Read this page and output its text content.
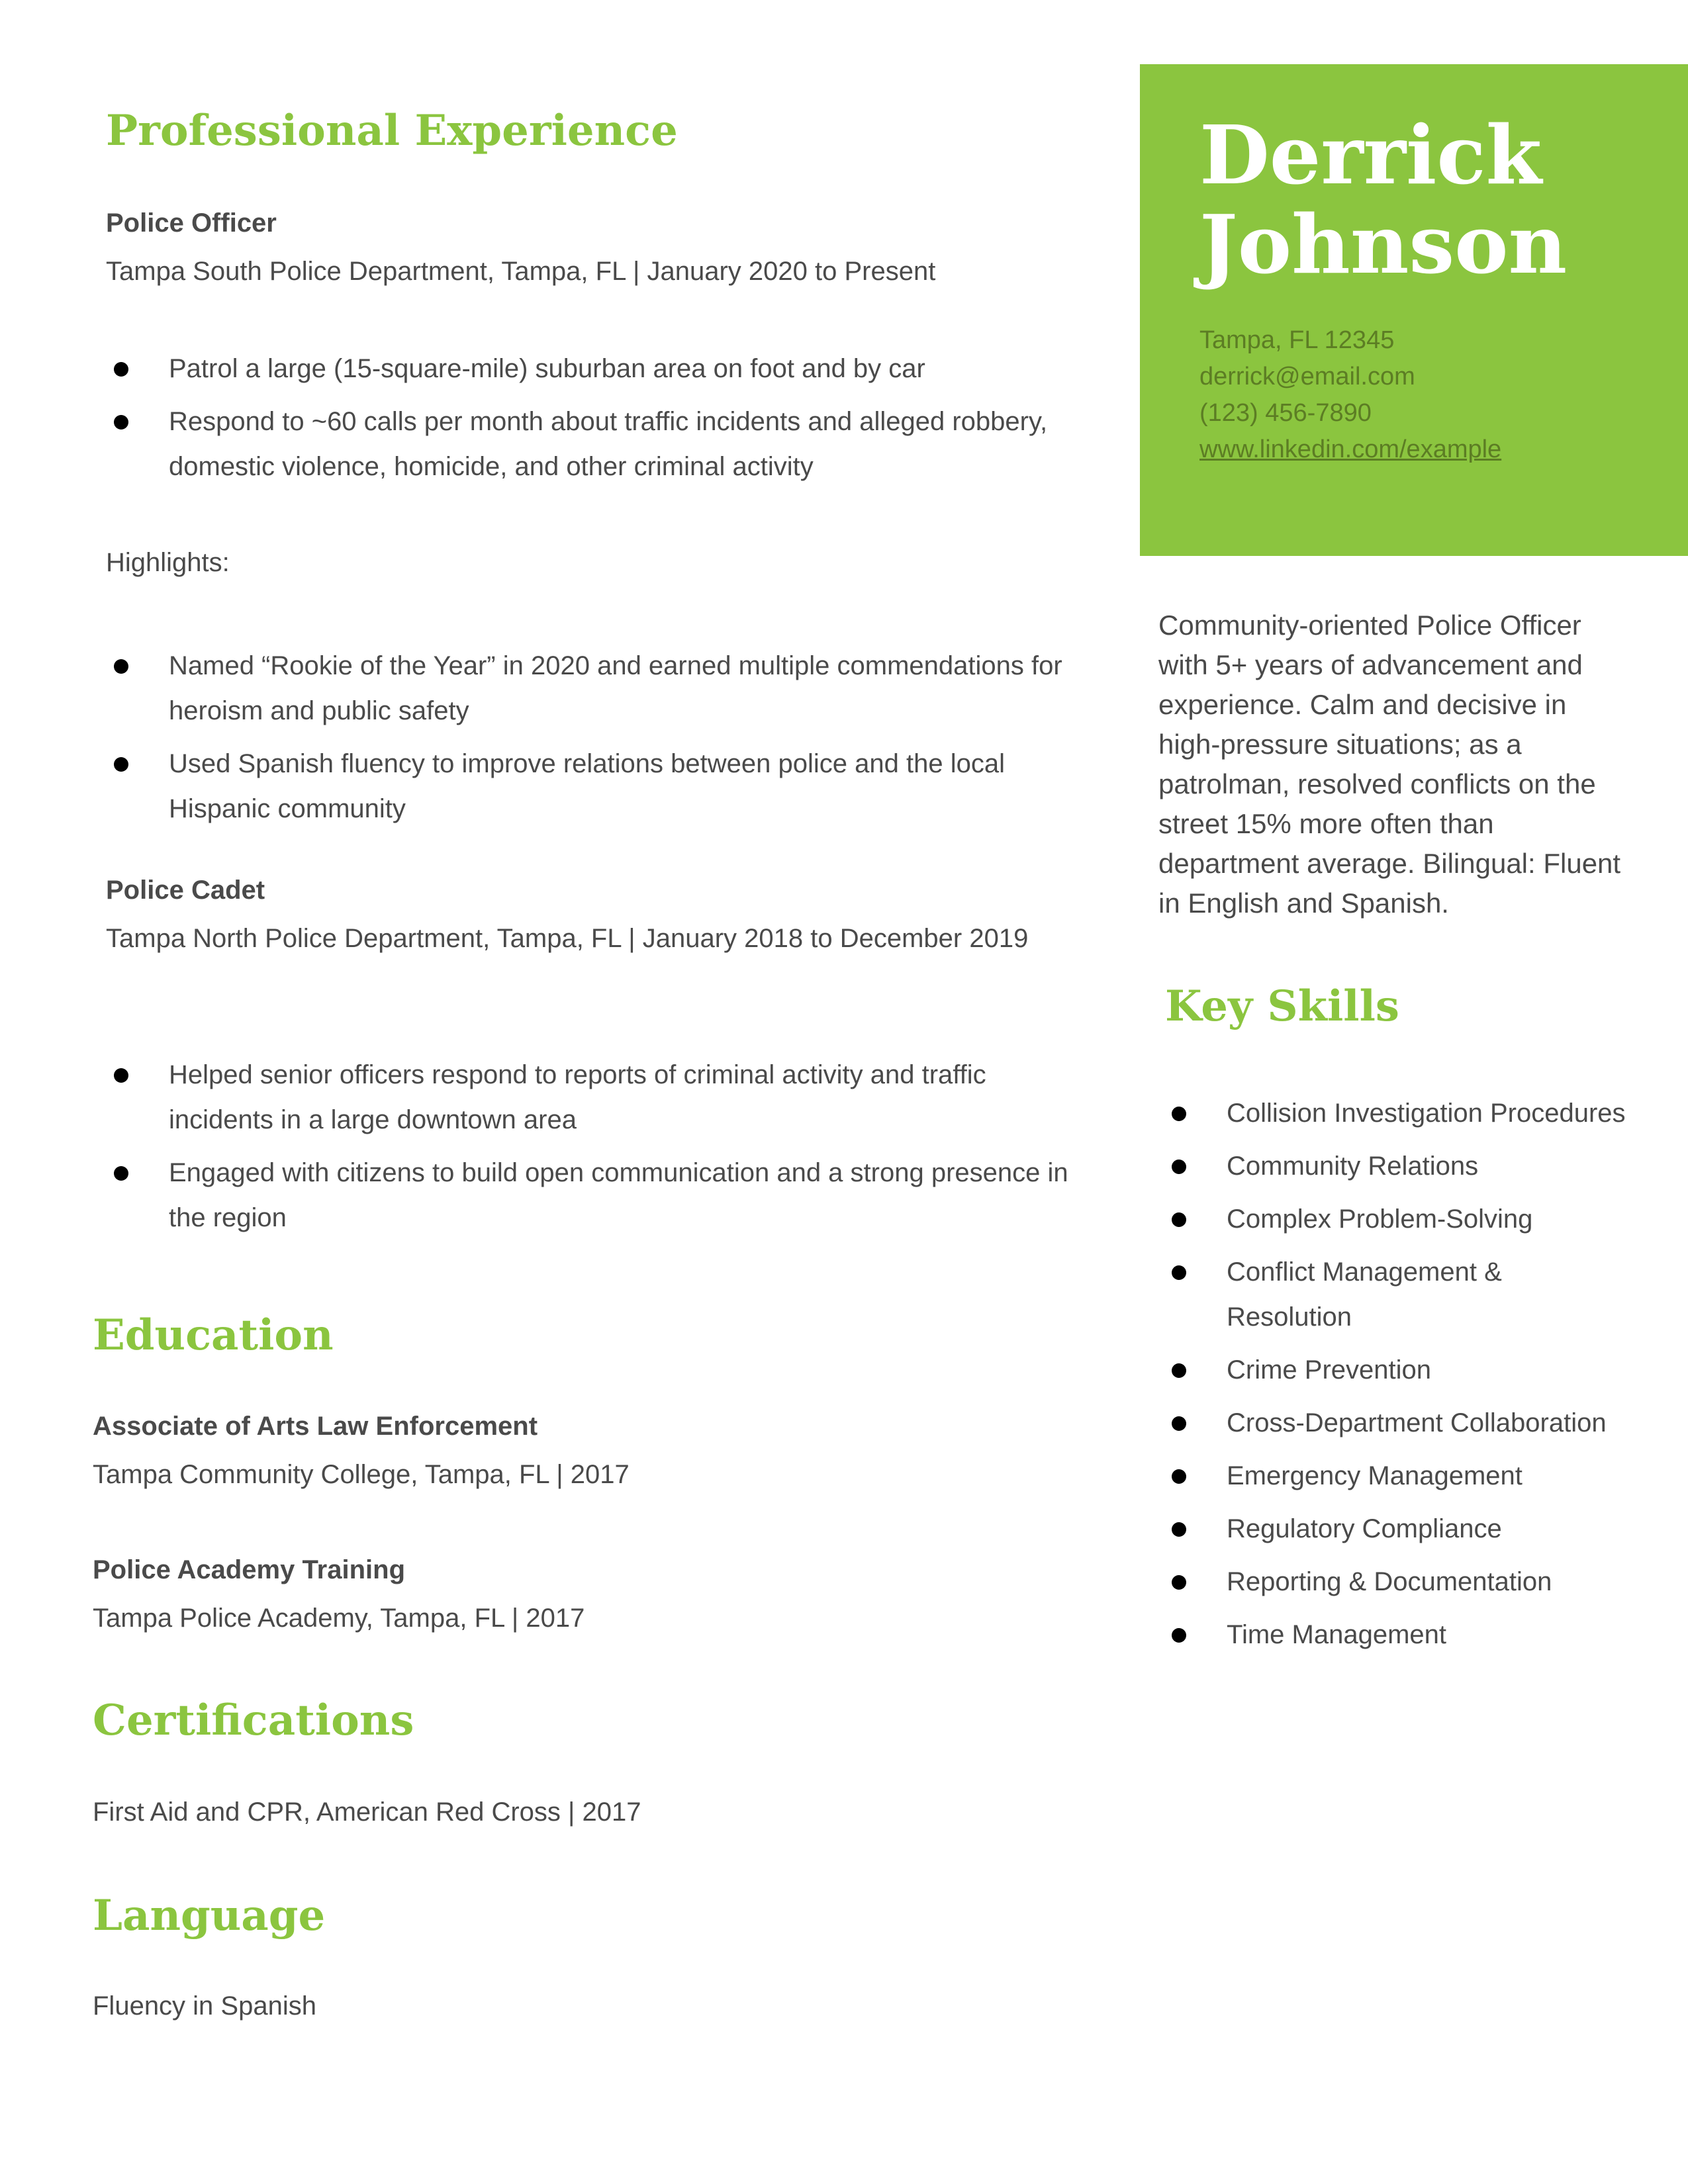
Professional Experience
Police Officer
Tampa South Police Department, Tampa, FL | January 2020 to Present
Patrol a large (15-square-mile) suburban area on foot and by car
Respond to ~60 calls per month about traffic incidents and alleged robbery, domestic violence, homicide, and other criminal activity
Highlights:
Named “Rookie of the Year” in 2020 and earned multiple commendations for heroism and public safety
Used Spanish fluency to improve relations between police and the local Hispanic community
Police Cadet
Tampa North Police Department, Tampa, FL | January 2018 to December 2019
Helped senior officers respond to reports of criminal activity and traffic incidents in a large downtown area
Engaged with citizens to build open communication and a strong presence in the region
Education
Associate of Arts Law Enforcement
Tampa Community College, Tampa, FL | 2017
Police Academy Training
Tampa Police Academy, Tampa, FL | 2017
Certifications
First Aid and CPR, American Red Cross | 2017
Language
Fluency in Spanish
Derrick
Johnson
Tampa, FL 12345
derrick@email.com
(123) 456-7890
www.linkedin.com/example
Community-oriented Police Officer with 5+ years of advancement and experience. Calm and decisive in high-pressure situations; as a patrolman, resolved conflicts on the street 15% more often than department average. Bilingual: Fluent in English and Spanish.
Key Skills
Collision Investigation Procedures
Community Relations
Complex Problem-Solving
Conflict Management & Resolution
Crime Prevention
Cross-Department Collaboration
Emergency Management
Regulatory Compliance
Reporting & Documentation
Time Management
